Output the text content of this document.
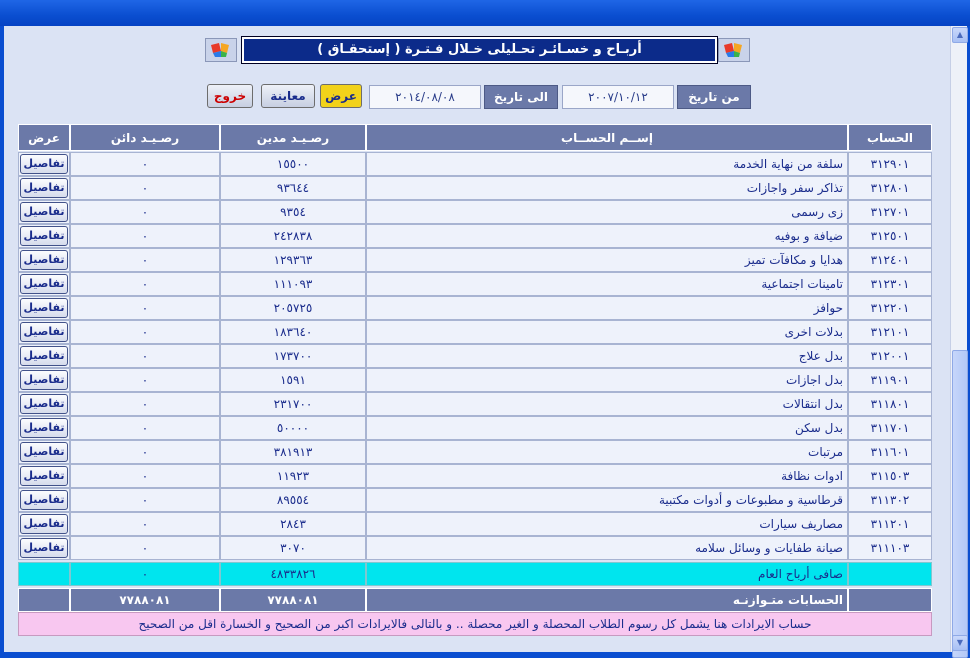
▲
▼
أربـاح و خسـائـر تحـليلى خـلال فـتـرة ( إستحقـاق )
من تاريخ
٢٠٠٧/١٠/١٢
الى تاريخ
٢٠١٤/٠٨/٠٨
عرض
معاينة
خروج
الحساب
إســم الحســاب
رصـيـد مدين
رصـيـد دائن
عرض
٣١٢٩٠١
سلفة من نهاية الخدمة
١٥٥٠٠
٠
تفاصيل
٣١٢٨٠١
تذاكر سفر واجازات
٩٣٦٤٤
٠
تفاصيل
٣١٢٧٠١
زى رسمى
٩٣٥٤
٠
تفاصيل
٣١٢٥٠١
ضيافة و بوفيه
٢٤٢٨٣٨
٠
تفاصيل
٣١٢٤٠١
هدايا و مكافآت تميز
١٢٩٣٦٣
٠
تفاصيل
٣١٢٣٠١
تامينات اجتماعية
١١١٠٩٣
٠
تفاصيل
٣١٢٢٠١
حوافز
٢٠٥٧٢٥
٠
تفاصيل
٣١٢١٠١
بدلات اخرى
١٨٣٦٤٠
٠
تفاصيل
٣١٢٠٠١
بدل علاج
١٧٣٧٠٠
٠
تفاصيل
٣١١٩٠١
بدل اجازات
١٥٩١
٠
تفاصيل
٣١١٨٠١
بدل انتقالات
٢٣١٧٠٠
٠
تفاصيل
٣١١٧٠١
بدل سكن
٥٠٠٠٠
٠
تفاصيل
٣١١٦٠١
مرتبات
٣٨١٩١٣
٠
تفاصيل
٣١١٥٠٣
ادوات نظافة
١١٩٢٣
٠
تفاصيل
٣١١٣٠٢
قرطاسية و مطبوعات و أدوات مكتبية
٨٩٥٥٤
٠
تفاصيل
٣١١٢٠١
مصاريف سيارات
٢٨٤٣
٠
تفاصيل
٣١١١٠٣
صيانة طفايات و وسائل سلامه
٣٠٧٠
٠
تفاصيل
صافى أرباح العام
٤٨٣٣٨٢٦
٠
الحسابات متـوازنـه
٧٧٨٨٠٨١
٧٧٨٨٠٨١
حساب الايرادات هنا يشمل كل رسوم الطلاب المحصلة و الغير محصلة .. و بالتالى فالايرادات اكبر من الصحيح و الخسارة اقل من الصحيح
